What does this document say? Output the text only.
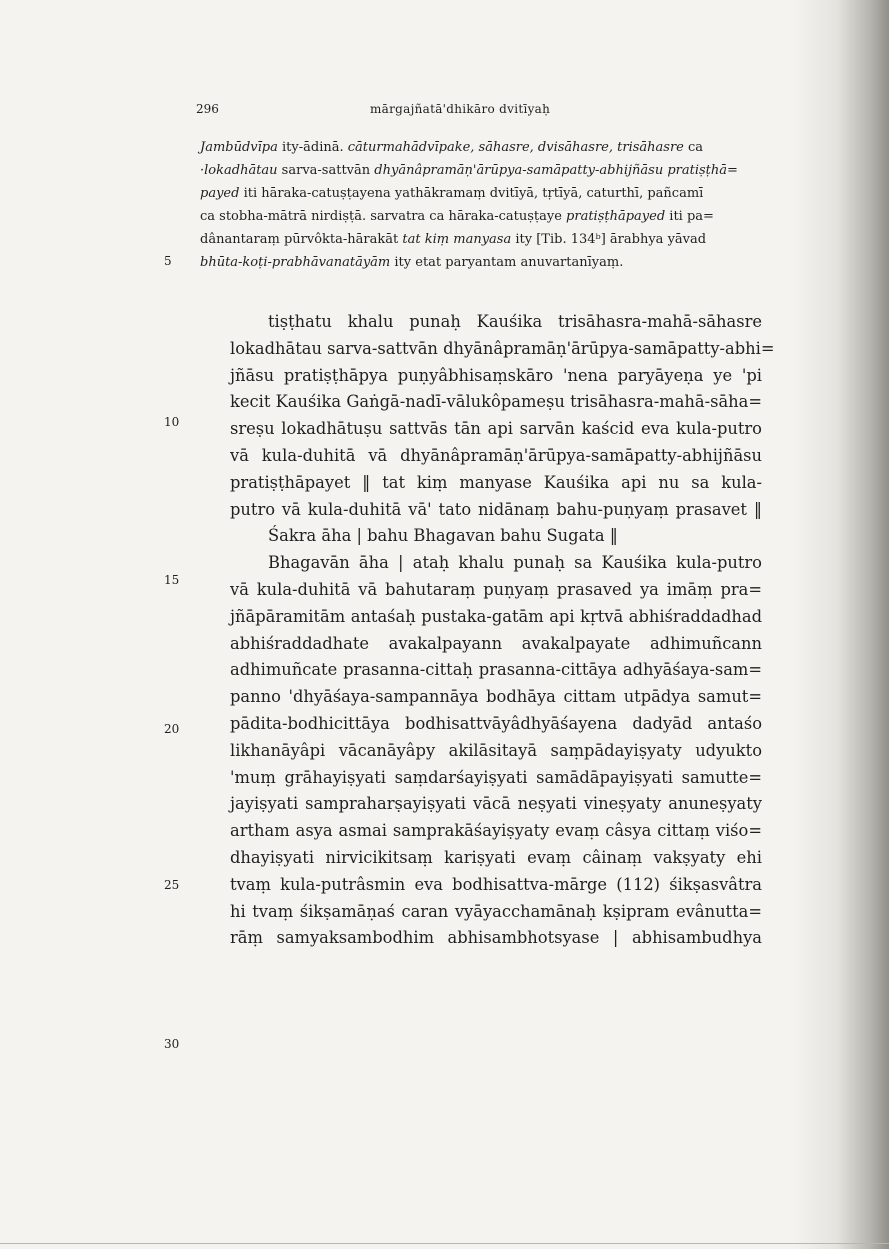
296	mārgajñatā'dhikāro dvitīyaḥ
Jambūdvīpa ity-ādinā. cāturmahādvīpake, sāhasre, dvisāhasre, trisāhasre ca
·lokadhātau sarva-sattvān dhyānâpramāṇ'ārūpya-samāpatty-abhijñāsu pratiṣṭhā=
payed iti hāraka-catuṣṭayena yathākramaṃ dvitīyā, tṛtīyā, caturthī, pañcamī
ca stobha-mātrā nirdiṣṭā. sarvatra ca hāraka-catuṣṭaye pratiṣṭhāpayed iti pa=
dânantaraṃ pūrvôkta-hārakāt tat kiṃ manyasa ity [Tib. 134ᵇ] ārabhya yāvad
bhūta-koṭi-prabhāvanatāyām ity etat paryantam anuvartanīyaṃ.
tiṣṭhatu khalu punaḥ Kauśika trisāhasra-mahā-sāhasre
lokadhātau sarva-sattvān dhyānâpramāṇ'ārūpya-samāpatty-abhi=
jñāsu pratiṣṭhāpya puṇyâbhisaṃskāro 'nena paryāyeṇa ye 'pi
kecit Kauśika Gaṅgā-nadī-vālukôpameṣu trisāhasra-mahā-sāha=
sreṣu lokadhātuṣu sattvās tān api sarvān kaścid eva kula-putro
vā kula-duhitā vā dhyānâpramāṇ'ārūpya-samāpatty-abhijñāsu
pratiṣṭhāpayet ‖ tat kiṃ manyase Kauśika api nu sa kula-
putro vā kula-duhitā vā' tato nidānaṃ bahu-puṇyaṃ prasavet ‖
Śakra āha | bahu Bhagavan bahu Sugata ‖
Bhagavān āha | ataḥ khalu punaḥ sa Kauśika kula-putro
vā kula-duhitā vā bahutaraṃ puṇyaṃ prasaved ya imāṃ pra=
jñāpāramitām antaśaḥ pustaka-gatām api kṛtvā abhiśraddadhad
abhiśraddadhate avakalpayann avakalpayate adhimuñcann
adhimuñcate prasanna-cittaḥ prasanna-cittāya adhyāśaya-sam=
panno 'dhyāśaya-sampannāya bodhāya cittam utpādya samut=
pādita-bodhicittāya bodhisattvāyâdhyāśayena dadyād antaśo
likhanāyâpi vācanāyâpy akilāsitayā saṃpādayiṣyaty udyukto
'muṃ grāhayiṣyati saṃdarśayiṣyati samādāpayiṣyati samutte=
jayiṣyati sampraharṣayiṣyati vācā neṣyati vineṣyaty anuneṣyaty
artham asya asmai samprakāśayiṣyaty evaṃ câsya cittaṃ viśo=
dhayiṣyati nirvicikitsaṃ kariṣyati evaṃ câinaṃ vakṣyaty ehi
tvaṃ kula-putrâsmin eva bodhisattva-mārge (112) śikṣasvâtra
hi tvaṃ śikṣamāṇaś caran vyāyacchamānaḥ kṣipram evânutta=
rāṃ samyaksambodhim abhisambhotsyase | abhisambudhya
5
10
15
20
25
30
